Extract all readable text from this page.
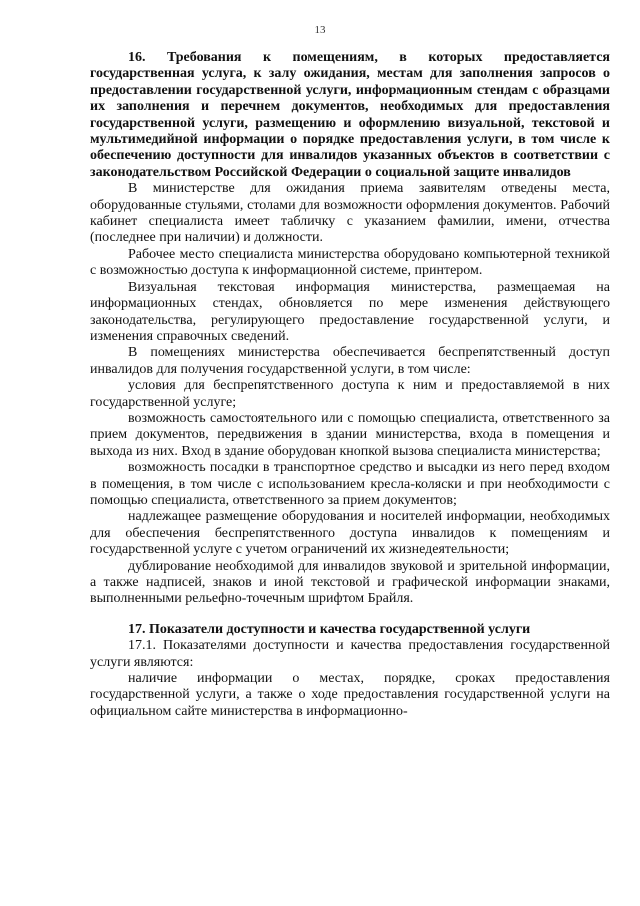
13

16. Требования к помещениям, в которых предоставляется государственная услуга, к залу ожидания, местам для заполнения запросов о предоставлении государственной услуги, информационным стендам с образцами их заполнения и перечнем документов, необходимых для предоставления государственной услуги, размещению и оформлению визуальной, текстовой и мультимедийной информации о порядке предоставления услуги, в том числе к обеспечению доступности для инвалидов указанных объектов в соответствии с законодательством Российской Федерации о социальной защите инвалидов

В министерстве для ожидания приема заявителям отведены места, оборудованные стульями, столами для возможности оформления документов. Рабочий кабинет специалиста имеет табличку с указанием фамилии, имени, отчества (последнее при наличии) и должности.

Рабочее место специалиста министерства оборудовано компьютерной техникой с возможностью доступа к информационной системе, принтером.

Визуальная текстовая информация министерства, размещаемая на информационных стендах, обновляется по мере изменения действующего законодательства, регулирующего предоставление государственной услуги, и изменения справочных сведений.

В помещениях министерства обеспечивается беспрепятственный доступ инвалидов для получения государственной услуги, в том числе:

условия для беспрепятственного доступа к ним и предоставляемой в них государственной услуге;

возможность самостоятельного или с помощью специалиста, ответственного за прием документов, передвижения в здании министерства, входа в помещения и выхода из них. Вход в здание оборудован кнопкой вызова специалиста министерства;

возможность посадки в транспортное средство и высадки из него перед входом в помещения, в том числе с использованием кресла-коляски и при необходимости с помощью специалиста, ответственного за прием документов;

надлежащее размещение оборудования и носителей информации, необходимых для обеспечения беспрепятственного доступа инвалидов к помещениям и государственной услуге с учетом ограничений их жизнедеятельности;

дублирование необходимой для инвалидов звуковой и зрительной информации, а также надписей, знаков и иной текстовой и графической информации знаками, выполненными рельефно-точечным шрифтом Брайля.

17. Показатели доступности и качества государственной услуги

17.1. Показателями доступности и качества предоставления государственной услуги являются:

наличие информации о местах, порядке, сроках предоставления государственной услуги, а также о ходе предоставления государственной услуги на официальном сайте министерства в информационно-
